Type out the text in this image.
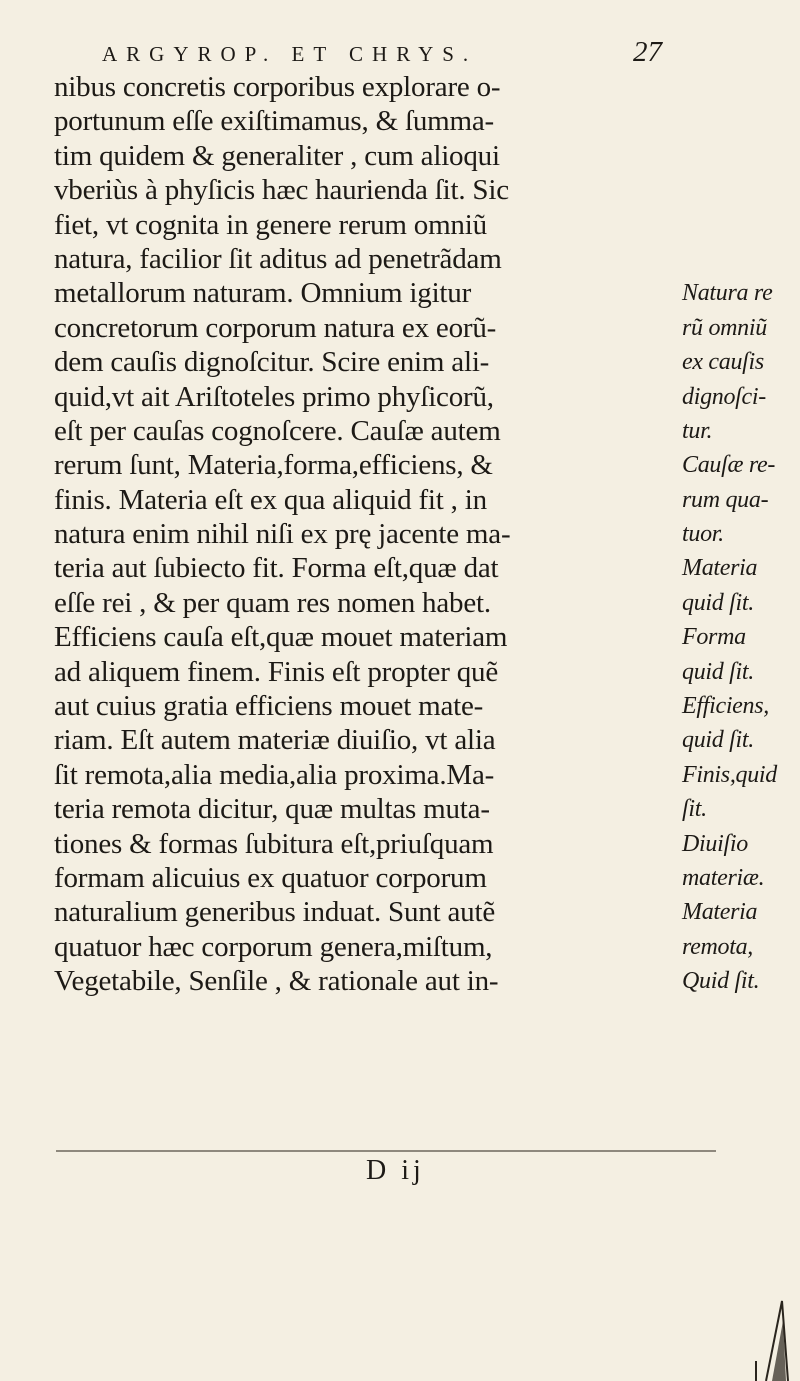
ARGYROP. ET CHRYS.	27
nibus concretis corporibus explorare o-
portunum eſſe exiſtimamus, & ſumma-
tim quidem & generaliter , cum alioqui
vberiùs à phyſicis hæc haurienda ſit. Sic
fiet, vt cognita in genere rerum omniũ
natura, facilior ſit aditus ad penetrãdam
metallorum naturam. Omnium igitur
concretorum corporum natura ex eorũ-
dem cauſis dignoſcitur. Scire enim ali-
quid,vt ait Ariſtoteles primo phyſicorũ,
eſt per cauſas cognoſcere. Cauſæ autem
rerum ſunt, Materia,forma,efficiens, &
finis. Materia eſt ex qua aliquid fit , in
natura enim nihil niſi ex prę jacente ma-
teria aut ſubiecto fit. Forma eſt,quæ dat
eſſe rei , & per quam res nomen habet.
Efficiens cauſa eſt,quæ mouet materiam
ad aliquem finem. Finis eſt propter quẽ
aut cuius gratia efficiens mouet mate-
riam. Eſt autem materiæ diuiſio, vt alia
ſit remota,alia media,alia proxima.Ma-
teria remota dicitur, quæ multas muta-
tiones & formas ſubitura eſt,priuſquam
formam alicuius ex quatuor corporum
naturalium generibus induat. Sunt autẽ
quatuor hæc corporum genera,miſtum,
Vegetabile, Senſile , & rationale aut in-
Natura re
rũ omniũ
ex cauſis
dignoſci-
tur.
Cauſæ re-
rum qua-
tuor.
Materia
quid ſit.
Forma
quid ſit.
Efficiens,
quid ſit.
Finis,quid
ſit.
Diuiſio
materiæ.
Materia
remota,
Quid ſit.
D ij
